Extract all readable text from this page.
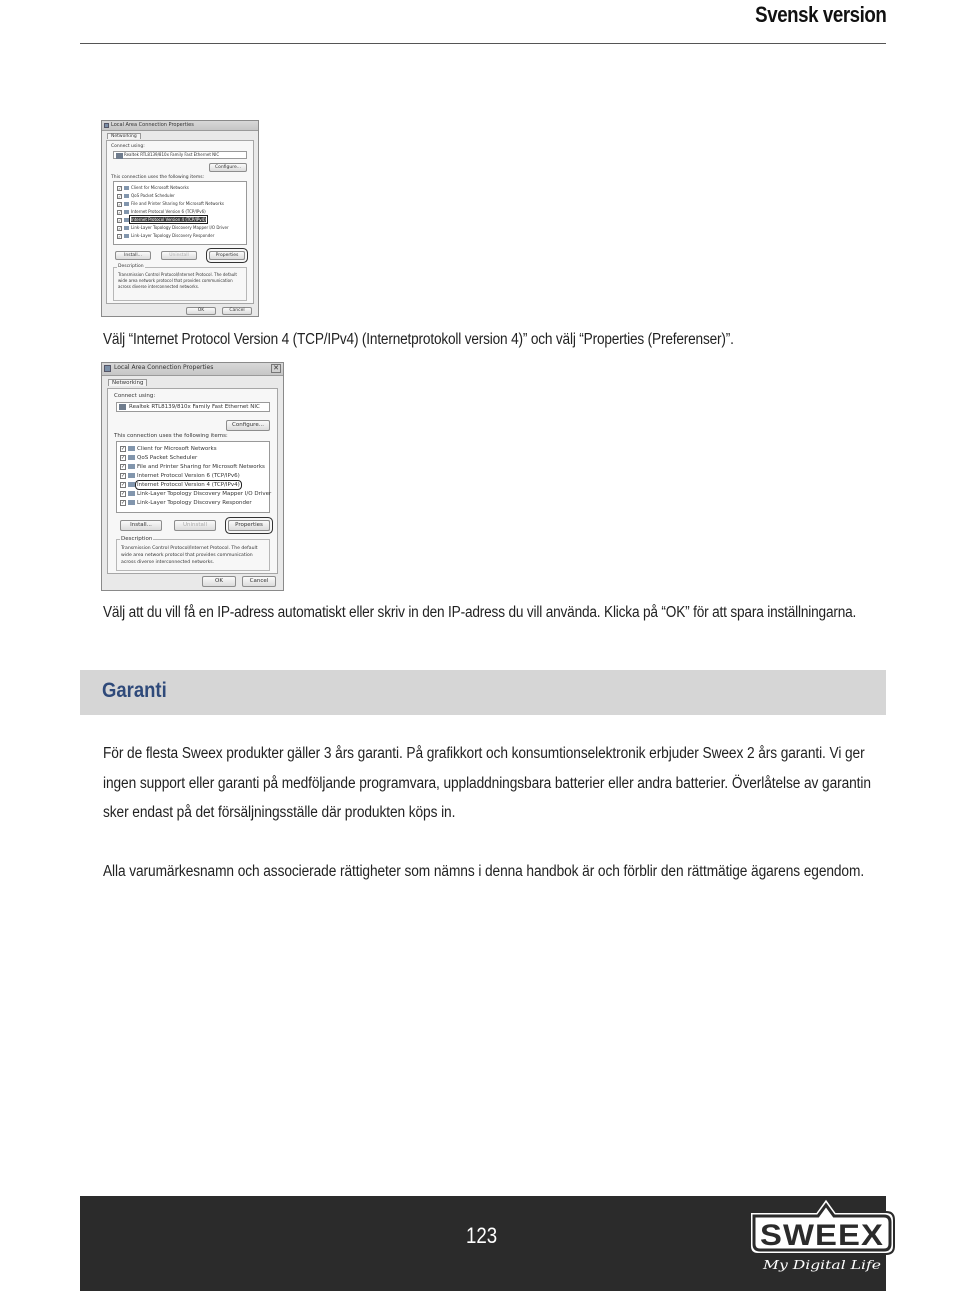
Svensk version
Local Area Connection Properties
Networking
Connect using:
Realtek RTL8139/810x Family Fast Ethernet NIC
Configure...
This connection uses the following items:
✓ Client for Microsoft Networks
✓ QoS Packet Scheduler
✓ File and Printer Sharing for Microsoft Networks
✓ Internet Protocol Version 6 (TCP/IPv6)
✓ Internet Protocol Version 4 (TCP/IPv4)
✓ Link-Layer Topology Discovery Mapper I/O Driver
✓ Link-Layer Topology Discovery Responder
Install...	Uninstall	Properties
Description
Transmission Control Protocol/Internet Protocol. The default
wide area network protocol that provides communication
across diverse interconnected networks.
OK	Cancel
Välj “Internet Protocol Version 4 (TCP/IPv4) (Internetprotokoll version 4)” och välj “Properties (Preferenser)”.
Local Area Connection Properties	✕
Networking
Connect using:
Realtek RTL8139/810x Family Fast Ethernet NIC
Configure...
This connection uses the following items:
✓ Client for Microsoft Networks
✓ QoS Packet Scheduler
✓ File and Printer Sharing for Microsoft Networks
✓ Internet Protocol Version 6 (TCP/IPv6)
✓ Internet Protocol Version 4 (TCP/IPv4)
✓ Link-Layer Topology Discovery Mapper I/O Driver
✓ Link-Layer Topology Discovery Responder
Install...	Uninstall	Properties
Description
Transmission Control Protocol/Internet Protocol. The default
wide area network protocol that provides communication
across diverse interconnected networks.
OK	Cancel
Välj att du vill få en IP-adress automatiskt eller skriv in den IP-adress du vill använda. Klicka på “OK” för att spara inställningarna.
Garanti

För de flesta Sweex produkter gäller 3 års garanti. På grafikkort och konsumtionselektronik erbjuder Sweex 2 års garanti. Vi ger ingen support eller garanti på medföljande programvara, uppladdningsbara batterier eller andra batterier. Överlåtelse av garantin sker endast på det försäljningsställe där produkten köps in.

Alla varumärkesnamn och associerade rättigheter som nämns i denna handbok är och förblir den rättmätige ägarens egendom.

123	SWEEX
My Digital Life
